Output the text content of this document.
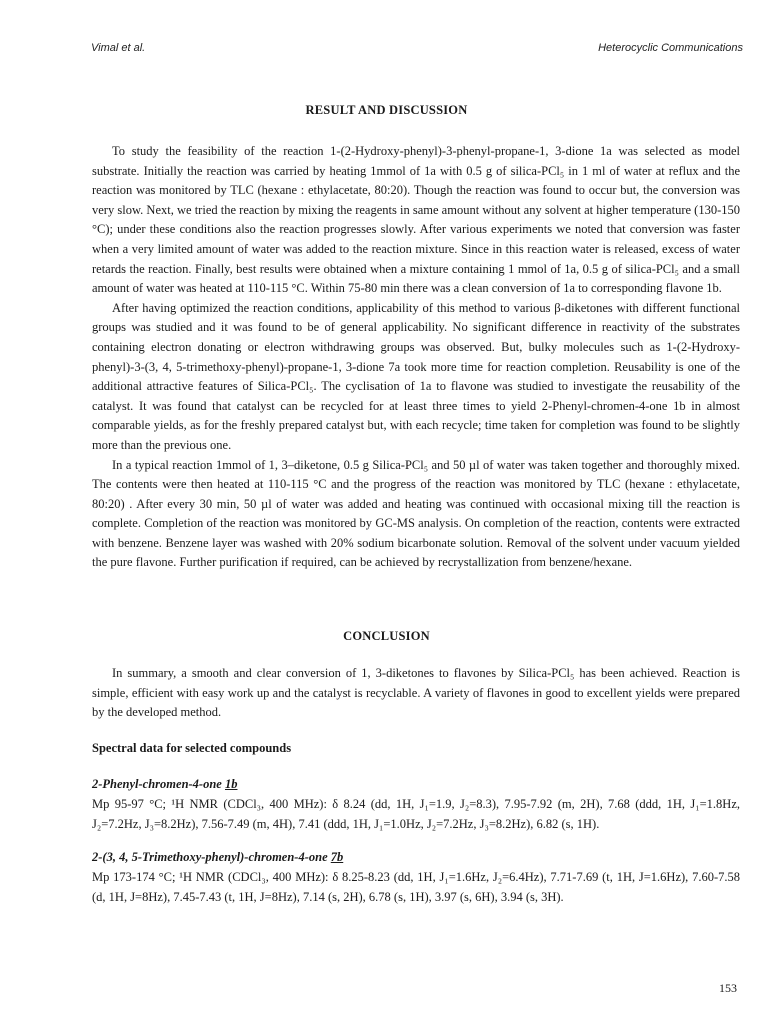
Vimal et al.	Heterocyclic Communications
RESULT AND DISCUSSION

To study the feasibility of the reaction 1-(2-Hydroxy-phenyl)-3-phenyl-propane-1, 3-dione 1a was selected as model substrate. Initially the reaction was carried by heating 1mmol of 1a with 0.5 g of silica-PCl₅ in 1 ml of water at reflux and the reaction was monitored by TLC (hexane : ethylacetate, 80:20). Though the reaction was found to occur but, the conversion was very slow. Next, we tried the reaction by mixing the reagents in same amount without any solvent at higher temperature (130-150 °C); under these conditions also the reaction progresses slowly. After various experiments we noted that conversion was faster when a very limited amount of water was added to the reaction mixture. Since in this reaction water is released, excess of water retards the reaction. Finally, best results were obtained when a mixture containing 1 mmol of 1a, 0.5 g of silica-PCl₅ and a small amount of water was heated at 110-115 °C. Within 75-80 min there was a clean conversion of 1a to corresponding flavone 1b.

After having optimized the reaction conditions, applicability of this method to various β-diketones with different functional groups was studied and it was found to be of general applicability. No significant difference in reactivity of the substrates containing electron donating or electron withdrawing groups was observed. But, bulky molecules such as 1-(2-Hydroxy-phenyl)-3-(3, 4, 5-trimethoxy-phenyl)-propane-1, 3-dione 7a took more time for reaction completion. Reusability is one of the additional attractive features of Silica-PCl₅. The cyclisation of 1a to flavone was studied to investigate the reusability of the catalyst. It was found that catalyst can be recycled for at least three times to yield 2-Phenyl-chromen-4-one 1b in almost comparable yields, as for the freshly prepared catalyst but, with each recycle; time taken for completion was found to be slightly more than the previous one.

In a typical reaction 1mmol of 1, 3–diketone, 0.5 g Silica-PCl₅ and 50 µl of water was taken together and thoroughly mixed. The contents were then heated at 110-115 °C and the progress of the reaction was monitored by TLC (hexane : ethylacetate, 80:20) . After every 30 min, 50 µl of water was added and heating was continued with occasional mixing till the reaction is complete. Completion of the reaction was monitored by GC-MS analysis. On completion of the reaction, contents were extracted with benzene. Benzene layer was washed with 20% sodium bicarbonate solution. Removal of the solvent under vacuum yielded the pure flavone. Further purification if required, can be achieved by recrystallization from benzene/hexane.

CONCLUSION

In summary, a smooth and clear conversion of 1, 3-diketones to flavones by Silica-PCl₅ has been achieved. Reaction is simple, efficient with easy work up and the catalyst is recyclable. A variety of flavones in good to excellent yields were prepared by the developed method.

Spectral data for selected compounds
2-Phenyl-chromen-4-one 1b
Mp 95-97 °C; ¹H NMR (CDCl₃, 400 MHz): δ 8.24 (dd, 1H, J₁=1.9, J₂=8.3), 7.95-7.92 (m, 2H), 7.68 (ddd, 1H, J₁=1.8Hz, J₂=7.2Hz, J₃=8.2Hz), 7.56-7.49 (m, 4H), 7.41 (ddd, 1H, J₁=1.0Hz, J₂=7.2Hz, J₃=8.2Hz), 6.82 (s, 1H).
2-(3, 4, 5-Trimethoxy-phenyl)-chromen-4-one 7b
Mp 173-174 °C; ¹H NMR (CDCl₃, 400 MHz): δ 8.25-8.23 (dd, 1H, J₁=1.6Hz, J₂=6.4Hz), 7.71-7.69 (t, 1H, J=1.6Hz), 7.60-7.58 (d, 1H, J=8Hz), 7.45-7.43 (t, 1H, J=8Hz), 7.14 (s, 2H), 6.78 (s, 1H), 3.97 (s, 6H), 3.94 (s, 3H).
153
